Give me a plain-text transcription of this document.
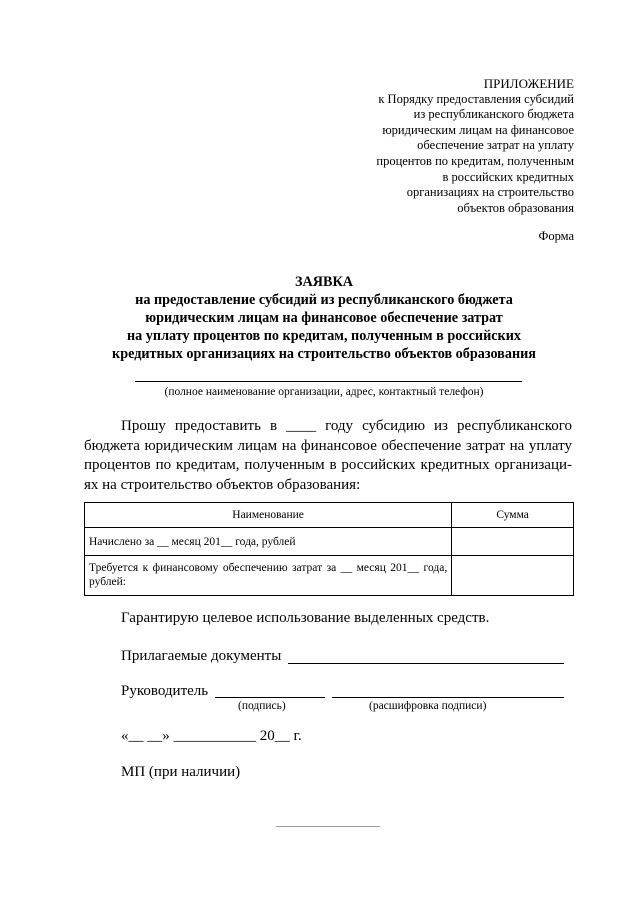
ПРИЛОЖЕНИЕ
к Порядку предоставления субсидий
из республиканского бюджета
юридическим лицам на финансовое
обеспечение затрат на уплату
процентов по кредитам, полученным
в российских кредитных
организациях на строительство
объектов образования
Форма
ЗАЯВКА
на предоставление субсидий из республиканского бюджета
юридическим лицам на финансовое обеспечение затрат
на уплату процентов по кредитам, полученным в российских
кредитных организациях на строительство объектов образования
(полное наименование организации, адрес, контактный телефон)

Прошу предоставить в ____ году субсидию из республиканского бюджета юридическим лицам на финансовое обеспечение затрат на уплату процентов по кредитам, полученным в российских кредитных организаци-ях на строительство объектов образования:

Наименование	Сумма
Начислено за __ месяц 201__ года, рублей	
Требуется к финансовому обеспечению затрат за __ месяц 201__ года, рублей:	
Гарантирую целевое использование выделенных средств.
Прилагаемые документы
Руководитель
(подпись)	(расшифровка подписи)
«__ __» ___________ 20__ г.
МП (при наличии)
